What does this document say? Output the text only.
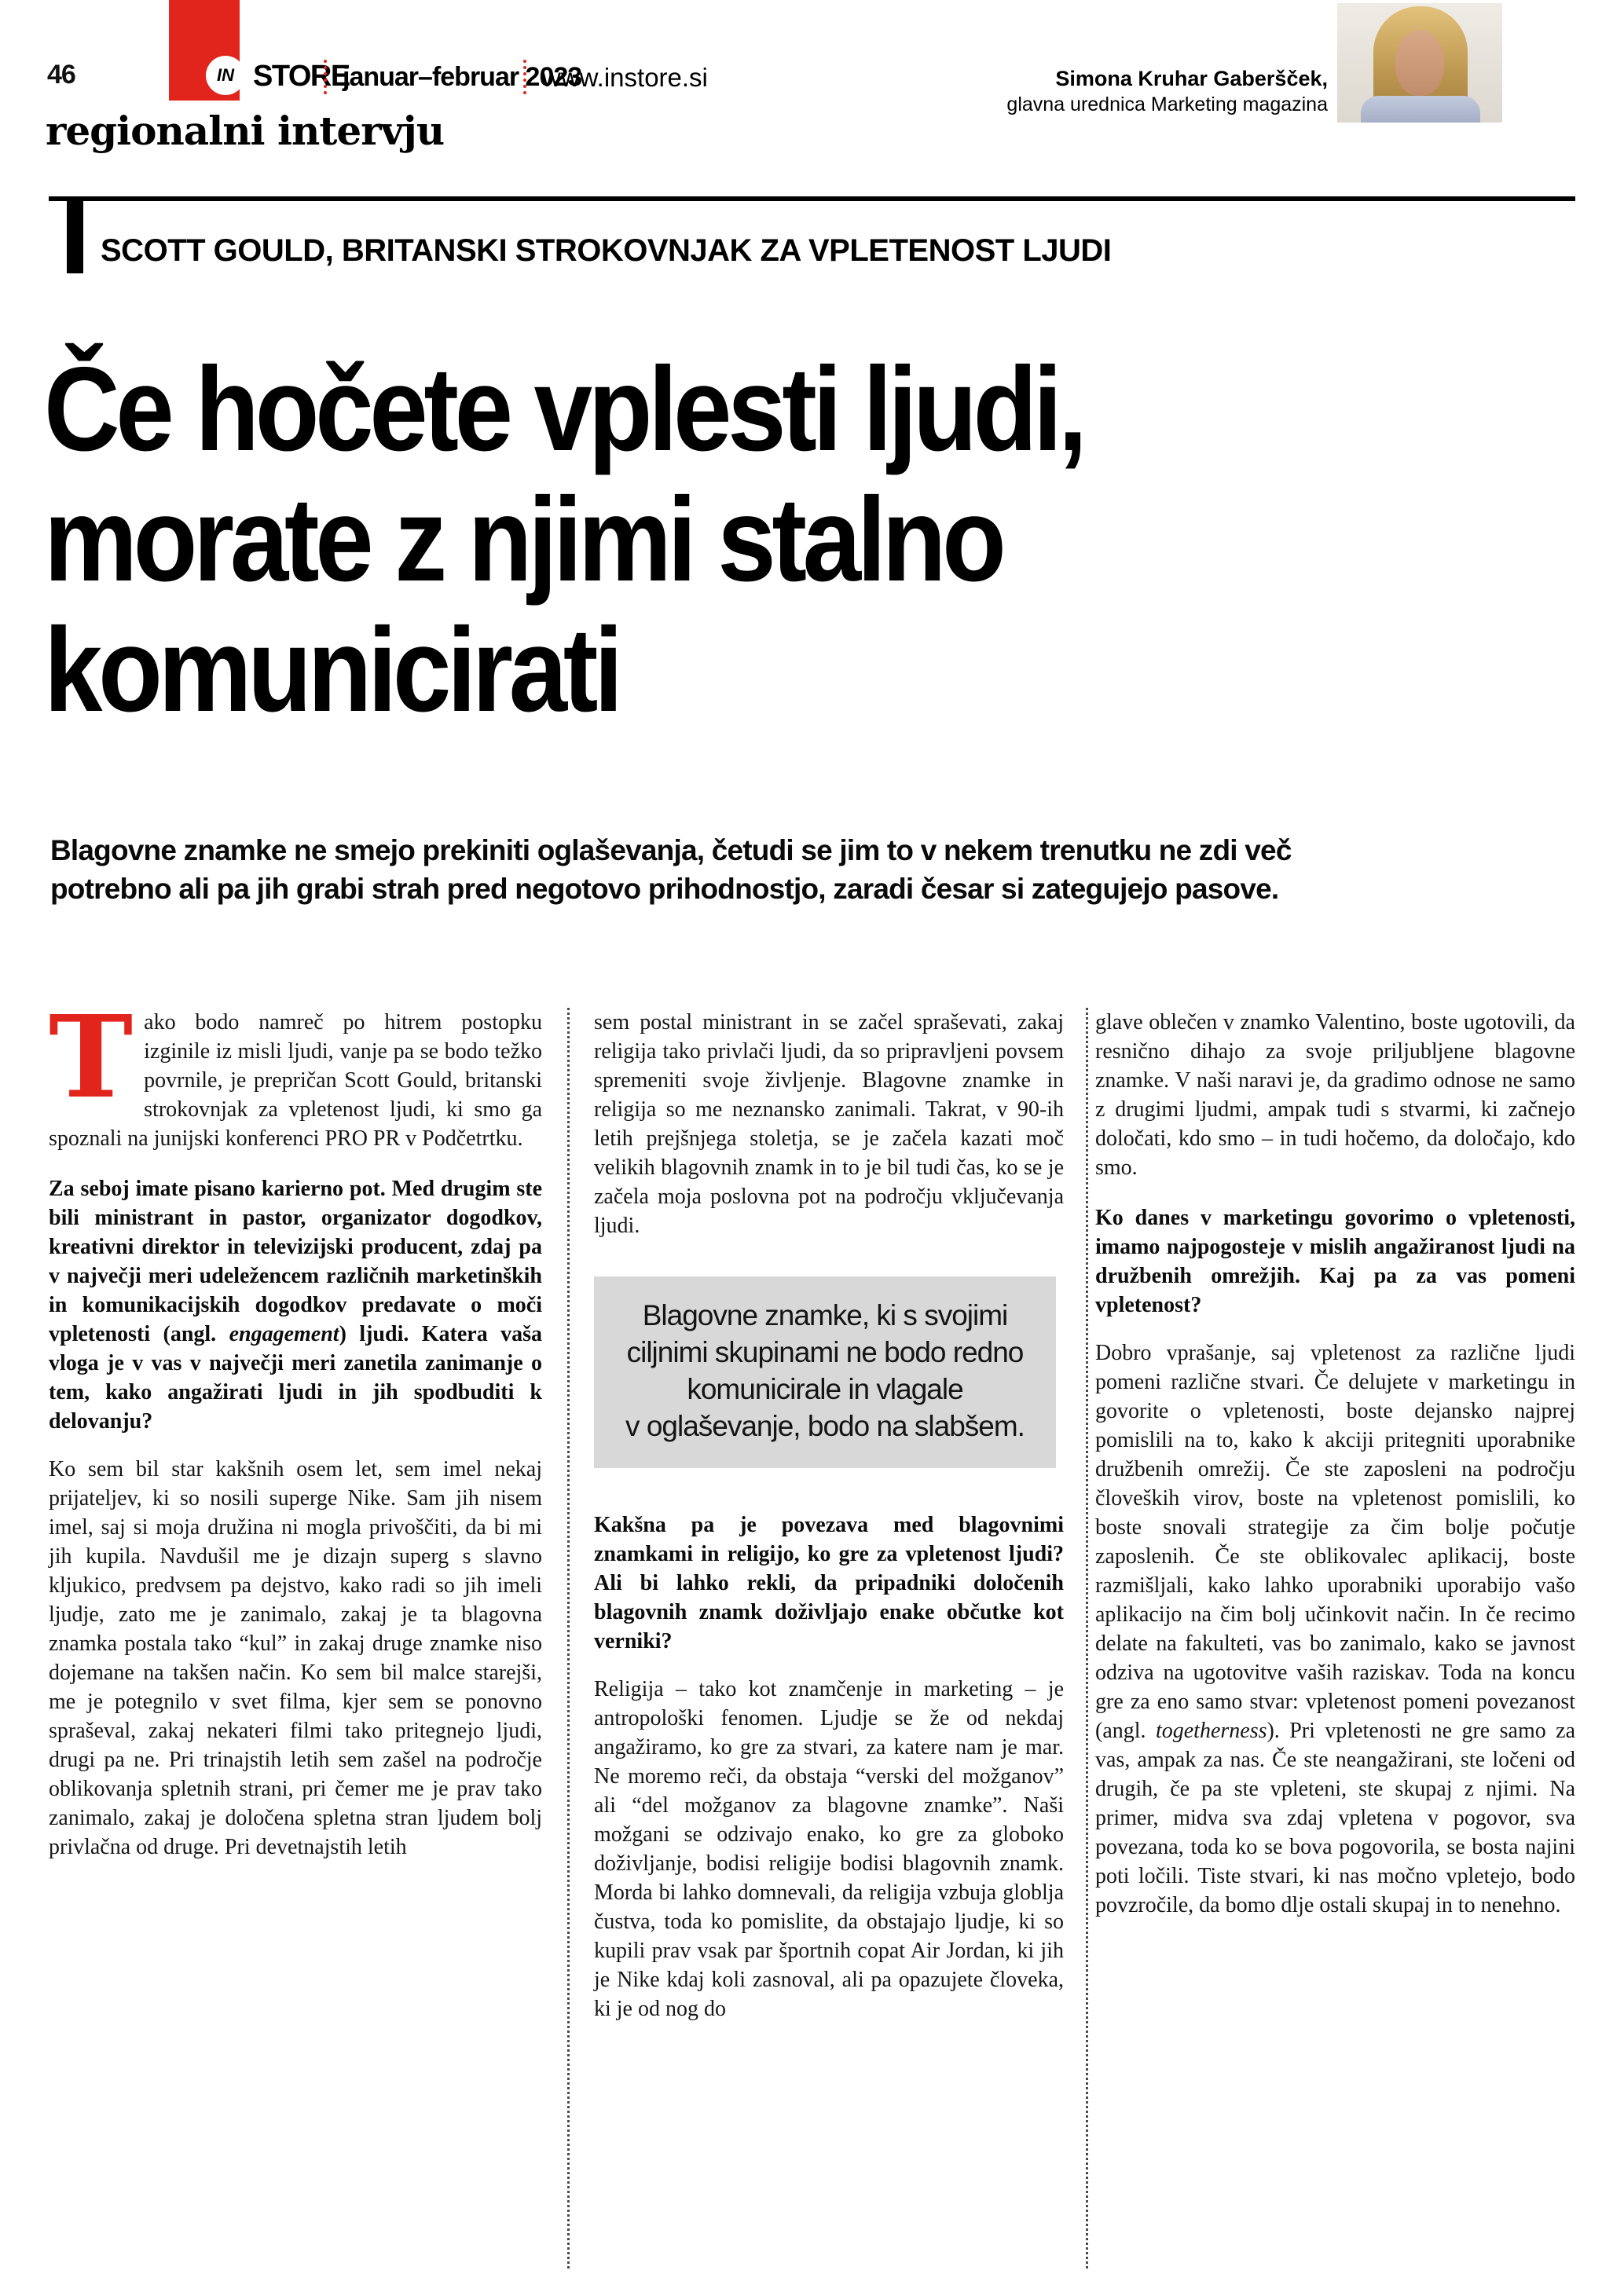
46	IN STORE
januar–februar 2023
www.instore.si
regionalni intervju
Simona Kruhar Gaberšček,
glavna urednica Marketing magazina
SCOTT GOULD, BRITANSKI STROKOVNJAK ZA VPLETENOST LJUDI
Če hočete vplesti ljudi,
morate z njimi stalno
komunicirati
Blagovne znamke ne smejo prekiniti oglaševanja, četudi se jim to v nekem trenutku ne zdi več
potrebno ali pa jih grabi strah pred negotovo prihodnostjo, zaradi česar si zategujejo pasove.

Tako bodo namreč po hitrem postopku izginile iz misli ljudi, vanje pa se bodo težko povrnile, je prepričan Scott Gould, britanski strokovnjak za vpletenost ljudi, ki smo ga spoznali na junijski konferenci PRO PR v Podčetrtku.

Za seboj imate pisano karierno pot. Med drugim ste bili ministrant in pastor, organizator dogodkov, kreativni direktor in televizijski producent, zdaj pa v največji meri udeležencem različnih marketinških in komunikacijskih dogodkov predavate o moči vpletenosti (angl. engagement) ljudi. Katera vaša vloga je v vas v največji meri zanetila zanimanje o tem, kako angažirati ljudi in jih spodbuditi k delovanju?

Ko sem bil star kakšnih osem let, sem imel nekaj prijateljev, ki so nosili superge Nike. Sam jih nisem imel, saj si moja družina ni mogla privoščiti, da bi mi jih kupila. Navdušil me je dizajn superg s slavno kljukico, predvsem pa dejstvo, kako radi so jih imeli ljudje, zato me je zanimalo, zakaj je ta blagovna znamka postala tako “kul” in zakaj druge znamke niso dojemane na takšen način. Ko sem bil malce starejši, me je potegnilo v svet filma, kjer sem se ponovno spraševal, zakaj nekateri filmi tako pritegnejo ljudi, drugi pa ne. Pri trinajstih letih sem zašel na področje oblikovanja spletnih strani, pri čemer me je prav tako zanimalo, zakaj je določena spletna stran ljudem bolj privlačna od druge. Pri devetnajstih letih

sem postal ministrant in se začel spraševati, zakaj religija tako privlači ljudi, da so pripravljeni povsem spremeniti svoje življenje. Blagovne znamke in religija so me neznansko zanimali. Takrat, v 90-ih letih prejšnjega stoletja, se je začela kazati moč velikih blagovnih znamk in to je bil tudi čas, ko se je začela moja poslovna pot na področju vključevanja ljudi.

Blagovne znamke, ki s svojimi
ciljnimi skupinami ne bodo redno
komunicirale in vlagale
v oglaševanje, bodo na slabšem.

Kakšna pa je povezava med blagovnimi znamkami in religijo, ko gre za vpletenost ljudi? Ali bi lahko rekli, da pripadniki določenih blagovnih znamk doživljajo enake občutke kot verniki?

Religija – tako kot znamčenje in marketing – je antropološki fenomen. Ljudje se že od nekdaj angažiramo, ko gre za stvari, za katere nam je mar. Ne moremo reči, da obstaja “verski del možganov” ali “del možganov za blagovne znamke”. Naši možgani se odzivajo enako, ko gre za globoko doživljanje, bodisi religije bodisi blagovnih znamk. Morda bi lahko domnevali, da religija vzbuja globlja čustva, toda ko pomislite, da obstajajo ljudje, ki so kupili prav vsak par športnih copat Air Jordan, ki jih je Nike kdaj koli zasnoval, ali pa opazujete človeka, ki je od nog do

glave oblečen v znamko Valentino, boste ugotovili, da resnično dihajo za svoje priljubljene blagovne znamke. V naši naravi je, da gradimo odnose ne samo z drugimi ljudmi, ampak tudi s stvarmi, ki začnejo določati, kdo smo – in tudi hočemo, da določajo, kdo smo.

Ko danes v marketingu govorimo o vpletenosti, imamo najpogosteje v mislih angažiranost ljudi na družbenih omrežjih. Kaj pa za vas pomeni vpletenost?

Dobro vprašanje, saj vpletenost za različne ljudi pomeni različne stvari. Če delujete v marketingu in govorite o vpletenosti, boste dejansko najprej pomislili na to, kako k akciji pritegniti uporabnike družbenih omrežij. Če ste zaposleni na področju človeških virov, boste na vpletenost pomislili, ko boste snovali strategije za čim bolje počutje zaposlenih. Če ste oblikovalec aplikacij, boste razmišljali, kako lahko uporabniki uporabijo vašo aplikacijo na čim bolj učinkovit način. In če recimo delate na fakulteti, vas bo zanimalo, kako se javnost odziva na ugotovitve vaših raziskav. Toda na koncu gre za eno samo stvar: vpletenost pomeni povezanost (angl. togetherness). Pri vpletenosti ne gre samo za vas, ampak za nas. Če ste neangažirani, ste ločeni od drugih, če pa ste vpleteni, ste skupaj z njimi. Na primer, midva sva zdaj vpletena v pogovor, sva povezana, toda ko se bova pogovorila, se bosta najini poti ločili. Tiste stvari, ki nas močno vpletejo, bodo povzročile, da bomo dlje ostali skupaj in to nenehno.
